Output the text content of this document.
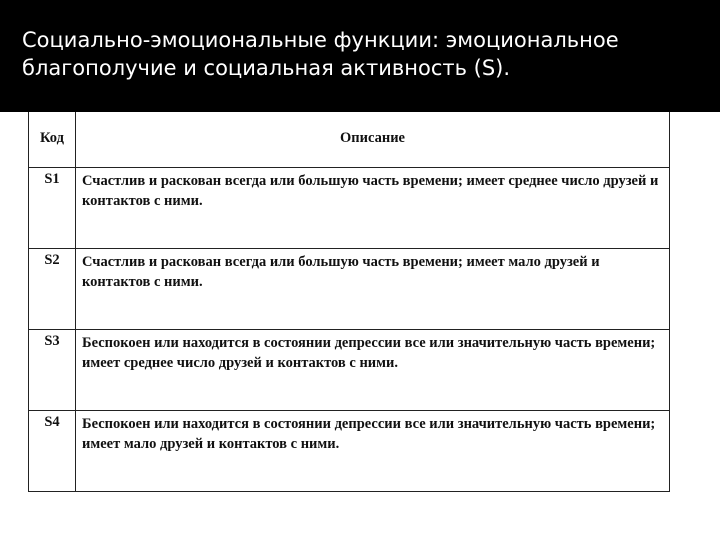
Социально-эмоциональные функции: эмоциональное благополучие и социальная активность (S).
Код	Описание
S1	Счастлив и раскован всегда или большую часть времени; имеет среднее число друзей и контактов с ними.
S2	Счастлив и раскован всегда или большую часть времени; имеет мало друзей и контактов с ними.
S3	Беспокоен или находится в состоянии депрессии все или значительную часть времени; имеет среднее число друзей и контактов с ними.
S4	Беспокоен или находится в состоянии депрессии все или значительную часть времени; имеет мало друзей и контактов с ними.
